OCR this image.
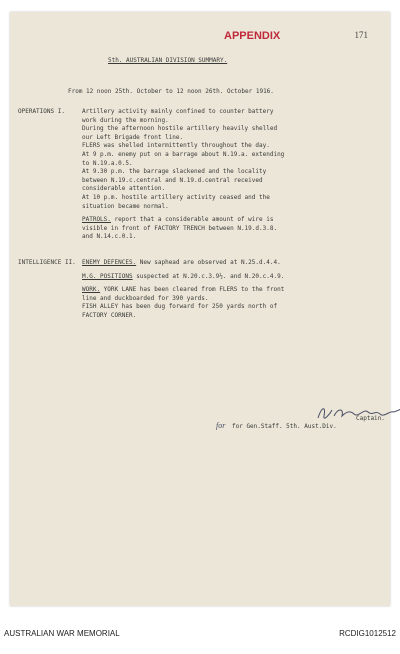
APPENDIX	171
5th. AUSTRALIAN DIVISION SUMMARY.
From 12 noon 25th. October to 12 noon 26th. October 1916.
OPERATIONS I.	Artillery activity mainly confined to counter battery
work during the morning.
During the afternoon hostile artillery heavily shelled
our Left Brigade front line.
FLERS was shelled intermittently throughout the day.
At 9 p.m. enemy put on a barrage about N.19.a. extending
to N.19.a.0.5.
At 9.30 p.m. the barrage slackened and the locality
between N.19.c.central and N.19.d.central received
considerable attention.
At 10 p.m. hostile artillery activity ceased and the
situation became normal.
PATROLS. report that a considerable amount of wire is
visible in front of FACTORY TRENCH between N.19.d.3.8.
and N.14.c.0.1.
INTELLIGENCE II. ENEMY DEFENCES. New saphead are observed at N.25.d.4.4.
M.G. POSITIONS suspected at N.20.c.3.9½. and N.20.c.4.9.
WORK. YORK LANE has been cleared from FLERS to the front
line and duckboarded for 390 yards.
FISH ALLEY has been dug forward for 250 yards north of
FACTORY CORNER.
Captain.
for for Gen.Staff. 5th. Aust.Div.
AUSTRALIAN WAR MEMORIAL	RCDIG1012512
